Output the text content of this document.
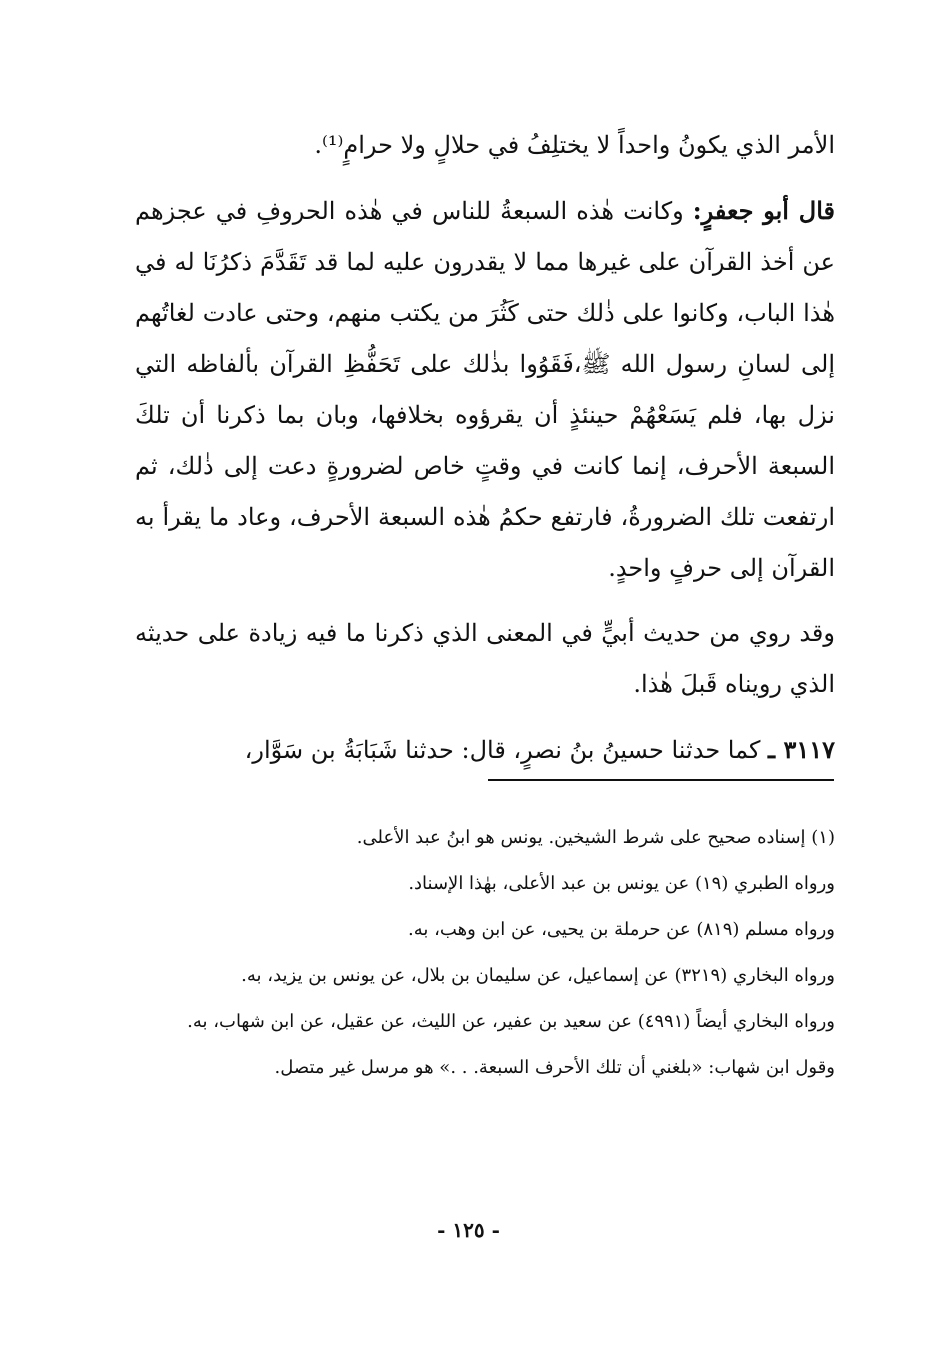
الأمر الذي يكونُ واحداً لا يختلِفُ في حلالٍ ولا حرامٍ⁽¹⁾.

قال أبو جعفرٍ: وكانت هٰذه السبعةُ للناس في هٰذه الحروفِ في عجزهم عن أخذ القرآن على غيرها مما لا يقدرون عليه لما قد تَقَدَّمَ ذكرُنَا له في هٰذا الباب، وكانوا على ذٰلك حتى كَثُرَ من يكتب منهم، وحتى عادت لغاتُهم إلى لسانِ رسول الله ﷺ،فَقَوُوا بذٰلك على تَحَفُّظِ القرآن بألفاظه التي نزل بها، فلم يَسَعْهُمْ حينئذٍ أن يقرؤوه بخلافها، وبان بما ذكرنا أن تلكَ السبعة الأحرف، إنما كانت في وقتٍ خاص لضرورةٍ دعت إلى ذٰلك، ثم ارتفعت تلك الضرورةُ، فارتفع حكمُ هٰذه السبعة الأحرف، وعاد ما يقرأ به القرآن إلى حرفٍ واحدٍ.

وقد روي من حديث أبيٍّ في المعنى الذي ذكرنا ما فيه زيادة على حديثه الذي رويناه قَبلَ هٰذا.

٣١١٧ ـ كما حدثنا حسينُ بنُ نصرٍ، قال: حدثنا شَبَابَةُ بن سَوَّار،

(١) إسناده صحيح على شرط الشيخين. يونس هو ابنُ عبد الأعلى.

ورواه الطبري (١٩) عن يونس بن عبد الأعلى، بهٰذا الإسناد.

ورواه مسلم (٨١٩) عن حرملة بن يحيى، عن ابن وهب، به.

ورواه البخاري (٣٢١٩) عن إسماعيل، عن سليمان بن بلال، عن يونس بن يزيد، به.

ورواه البخاري أيضاً (٤٩٩١) عن سعيد بن عفير، عن الليث، عن عقيل، عن ابن شهاب، به.

وقول ابن شهاب: «بلغني أن تلك الأحرف السبعة. . .» هو مرسل غير متصل.

- ١٢٥ -
